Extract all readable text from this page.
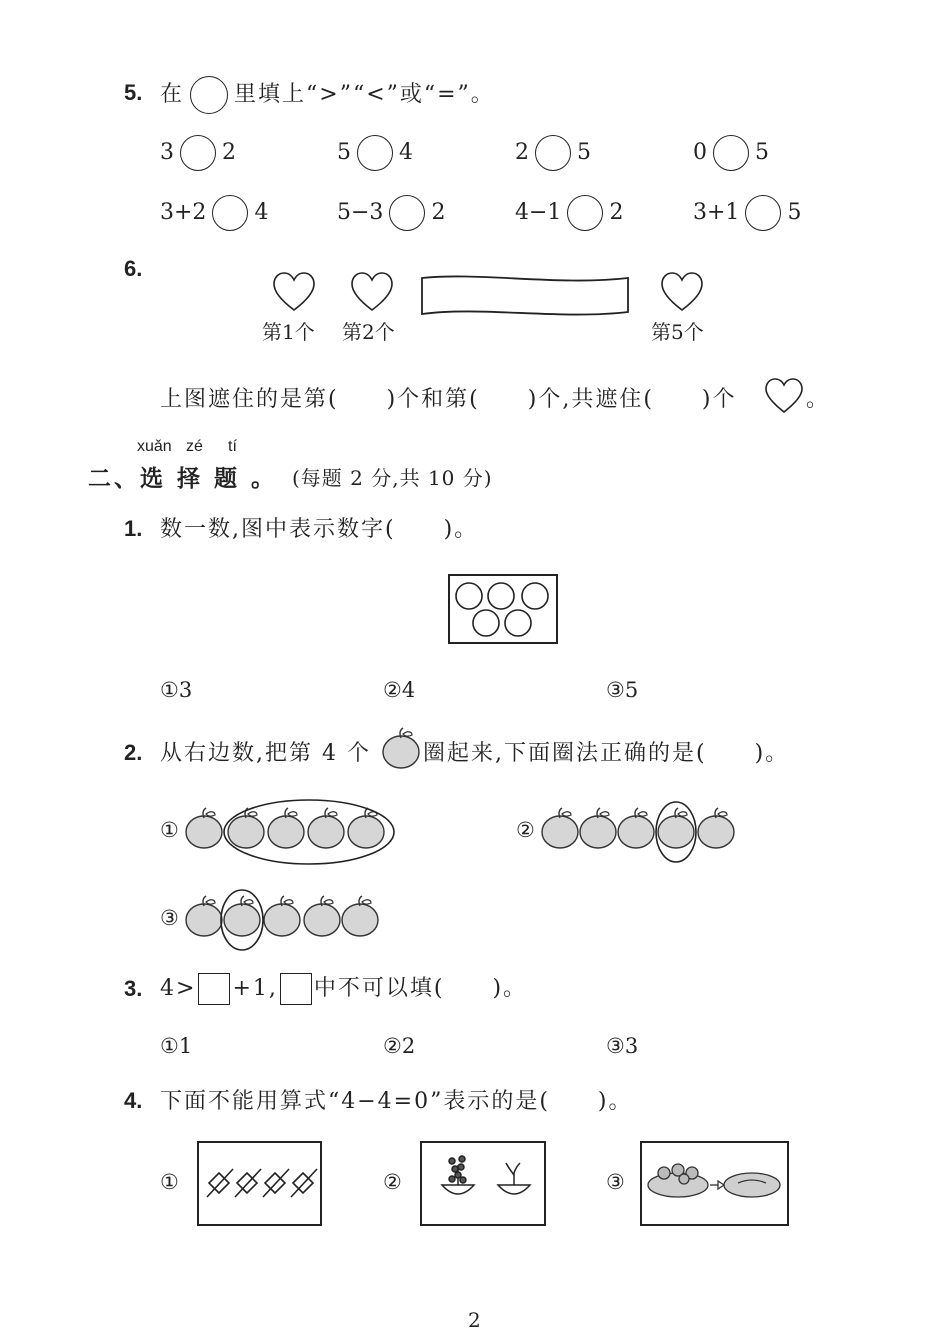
5. 在 里填上“>”“<”或“=”。
3 2	5 4	2 5	0 5
3+2 4	5−3 2	4−1 2	3+1 5
6.
第1个 第2个	第5个
上图遮住的是第(　　)个和第(　　)个,共遮住(　　)个	。
xuǎn zé tí
二、选 择 题 。 (每题 2 分,共 10 分)
1. 数一数,图中表示数字(　　)。
①3	②4	③5
2. 从右边数,把第 4 个 圈起来,下面圈法正确的是(　　)。
①	②
③
3. 4> +1, 中不可以填(　　)。
①1	②2	③3
4. 下面不能用算式“4−4=0”表示的是(　　)。
①	②	③
2
